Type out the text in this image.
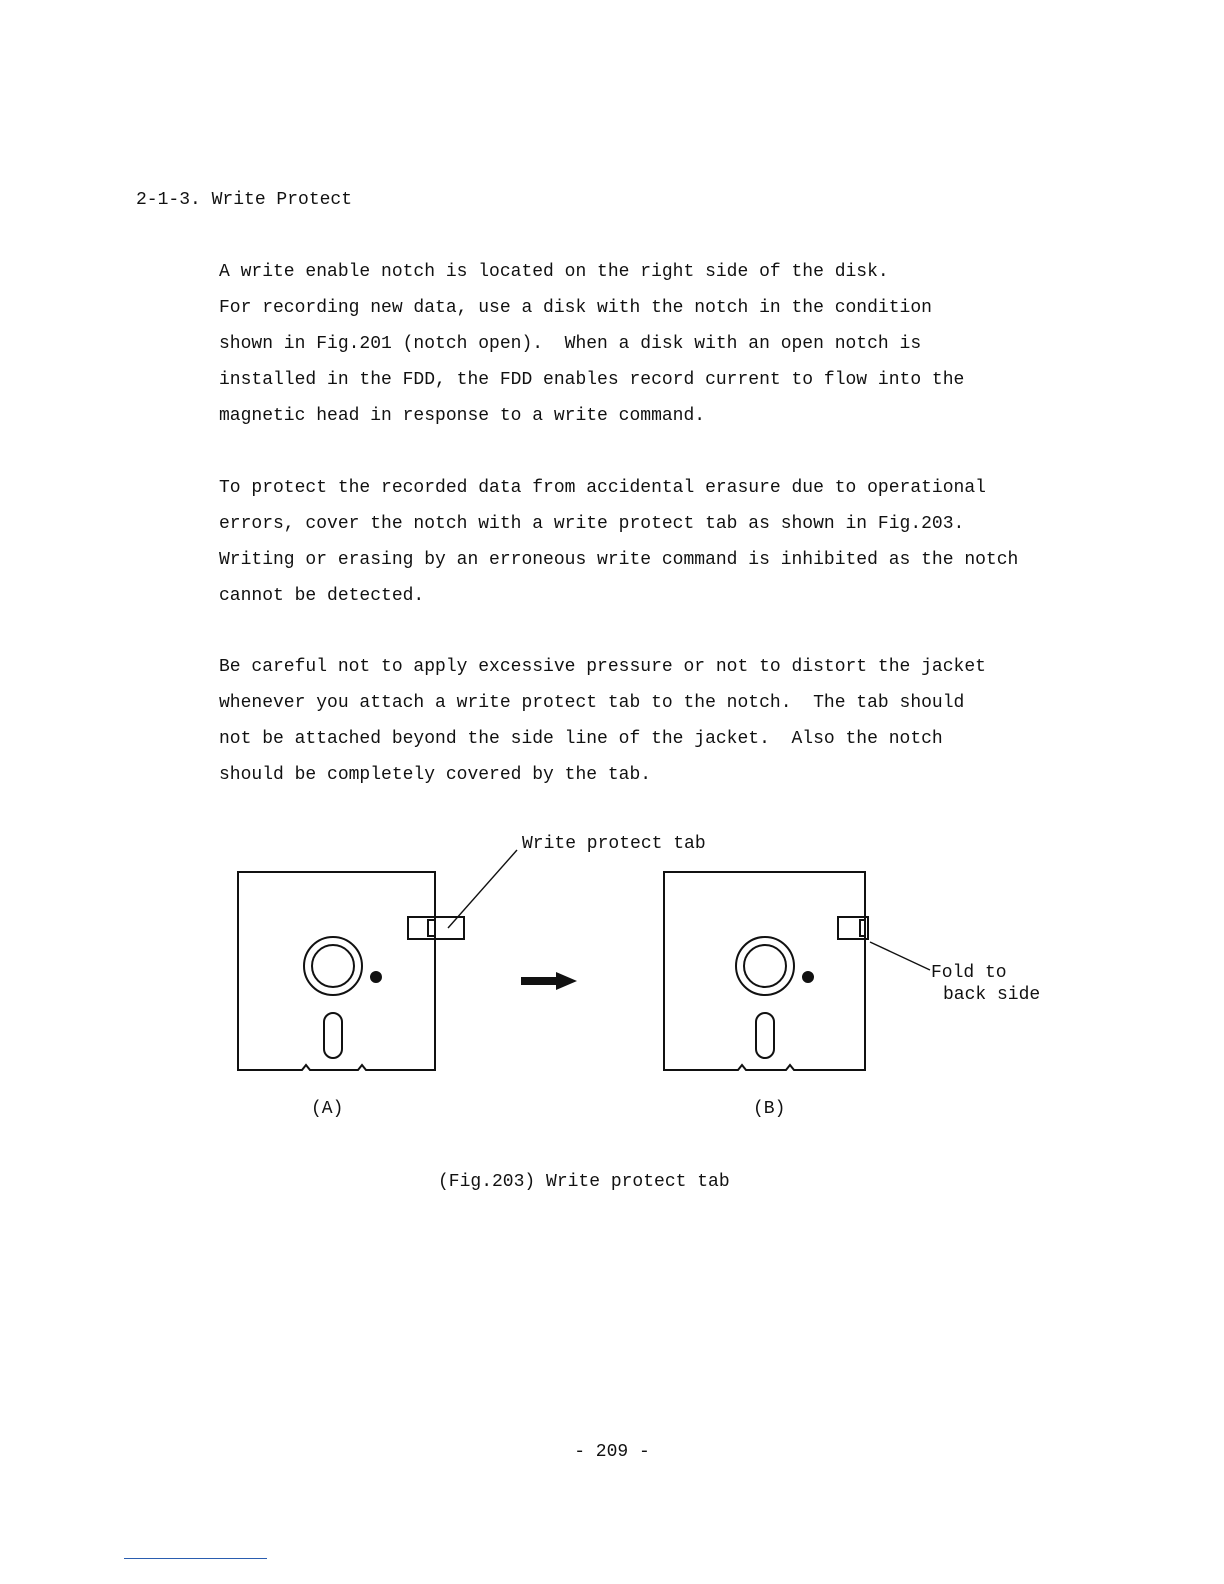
2-1-3. Write Protect
A write enable notch is located on the right side of the disk.
For recording new data, use a disk with the notch in the condition
shown in Fig.201 (notch open).  When a disk with an open notch is
installed in the FDD, the FDD enables record current to flow into the
magnetic head in response to a write command.
To protect the recorded data from accidental erasure due to operational
errors, cover the notch with a write protect tab as shown in Fig.203.
Writing or erasing by an erroneous write command is inhibited as the notch
cannot be detected.
Be careful not to apply excessive pressure or not to distort the jacket
whenever you attach a write protect tab to the notch.  The tab should
not be attached beyond the side line of the jacket.  Also the notch
should be completely covered by the tab.
Write protect tab
Fold to
back side
(A)	(B)
(Fig.203) Write protect tab
- 209 -
